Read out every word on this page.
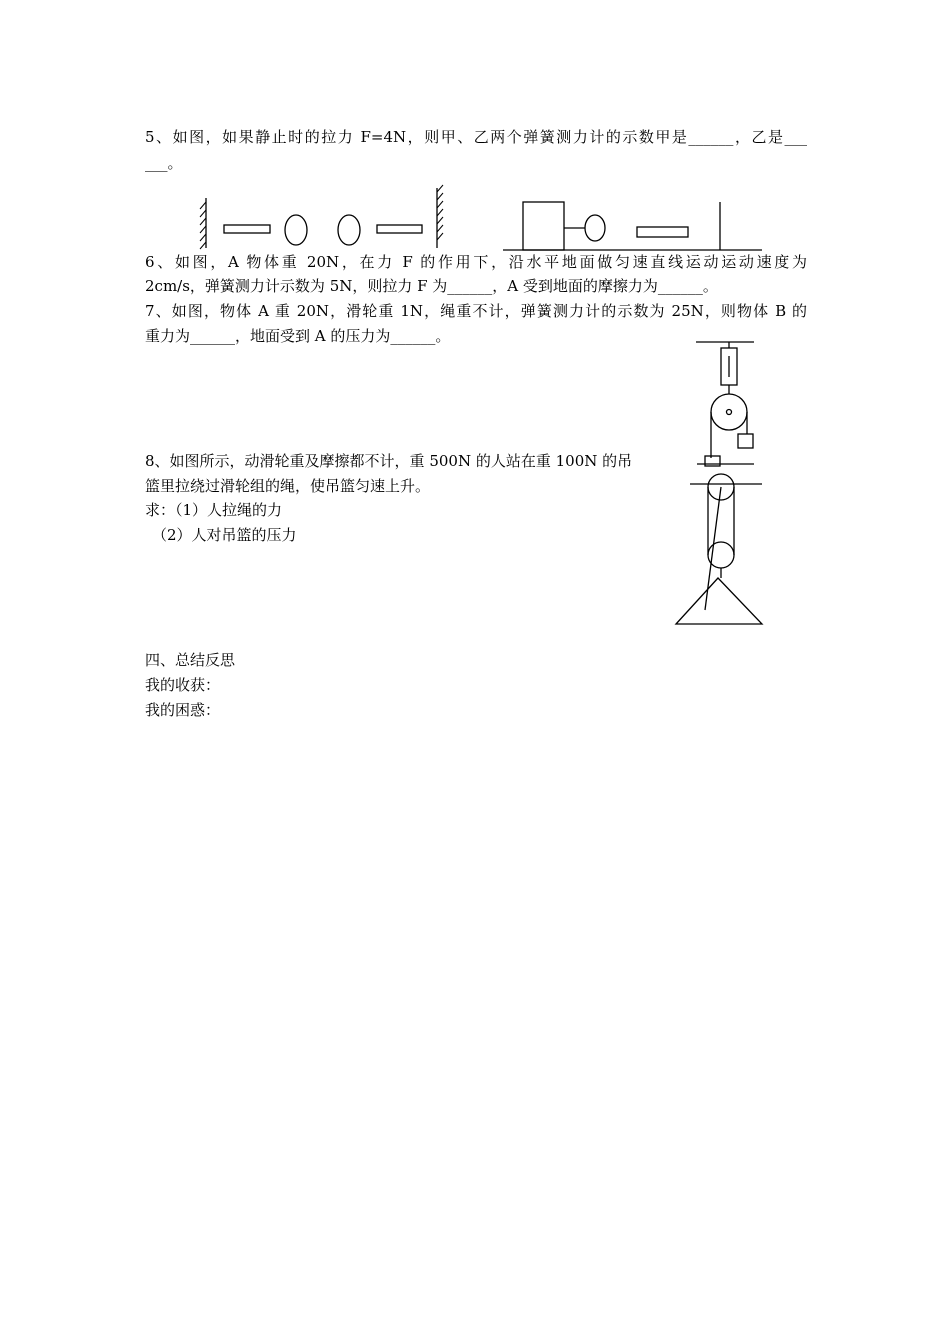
5、如图，如果静止时的拉力 F=4N，则甲、乙两个弹簧测力计的示数甲是______，乙是___
___。
6、如图，A 物体重 20N，在力 F 的作用下，沿水平地面做匀速直线运动运动速度为
2cm/s，弹簧测力计示数为 5N，则拉力 F 为______，A 受到地面的摩擦力为______。
7、如图，物体 A 重 20N，滑轮重 1N，绳重不计，弹簧测力计的示数为 25N，则物体 B 的
重力为______，地面受到 A 的压力为______。
8、如图所示，动滑轮重及摩擦都不计，重 500N 的人站在重 100N 的吊
篮里拉绕过滑轮组的绳，使吊篮匀速上升。
求：（1）人拉绳的力
（2）人对吊篮的压力
四、总结反思
我的收获：
我的困惑：
